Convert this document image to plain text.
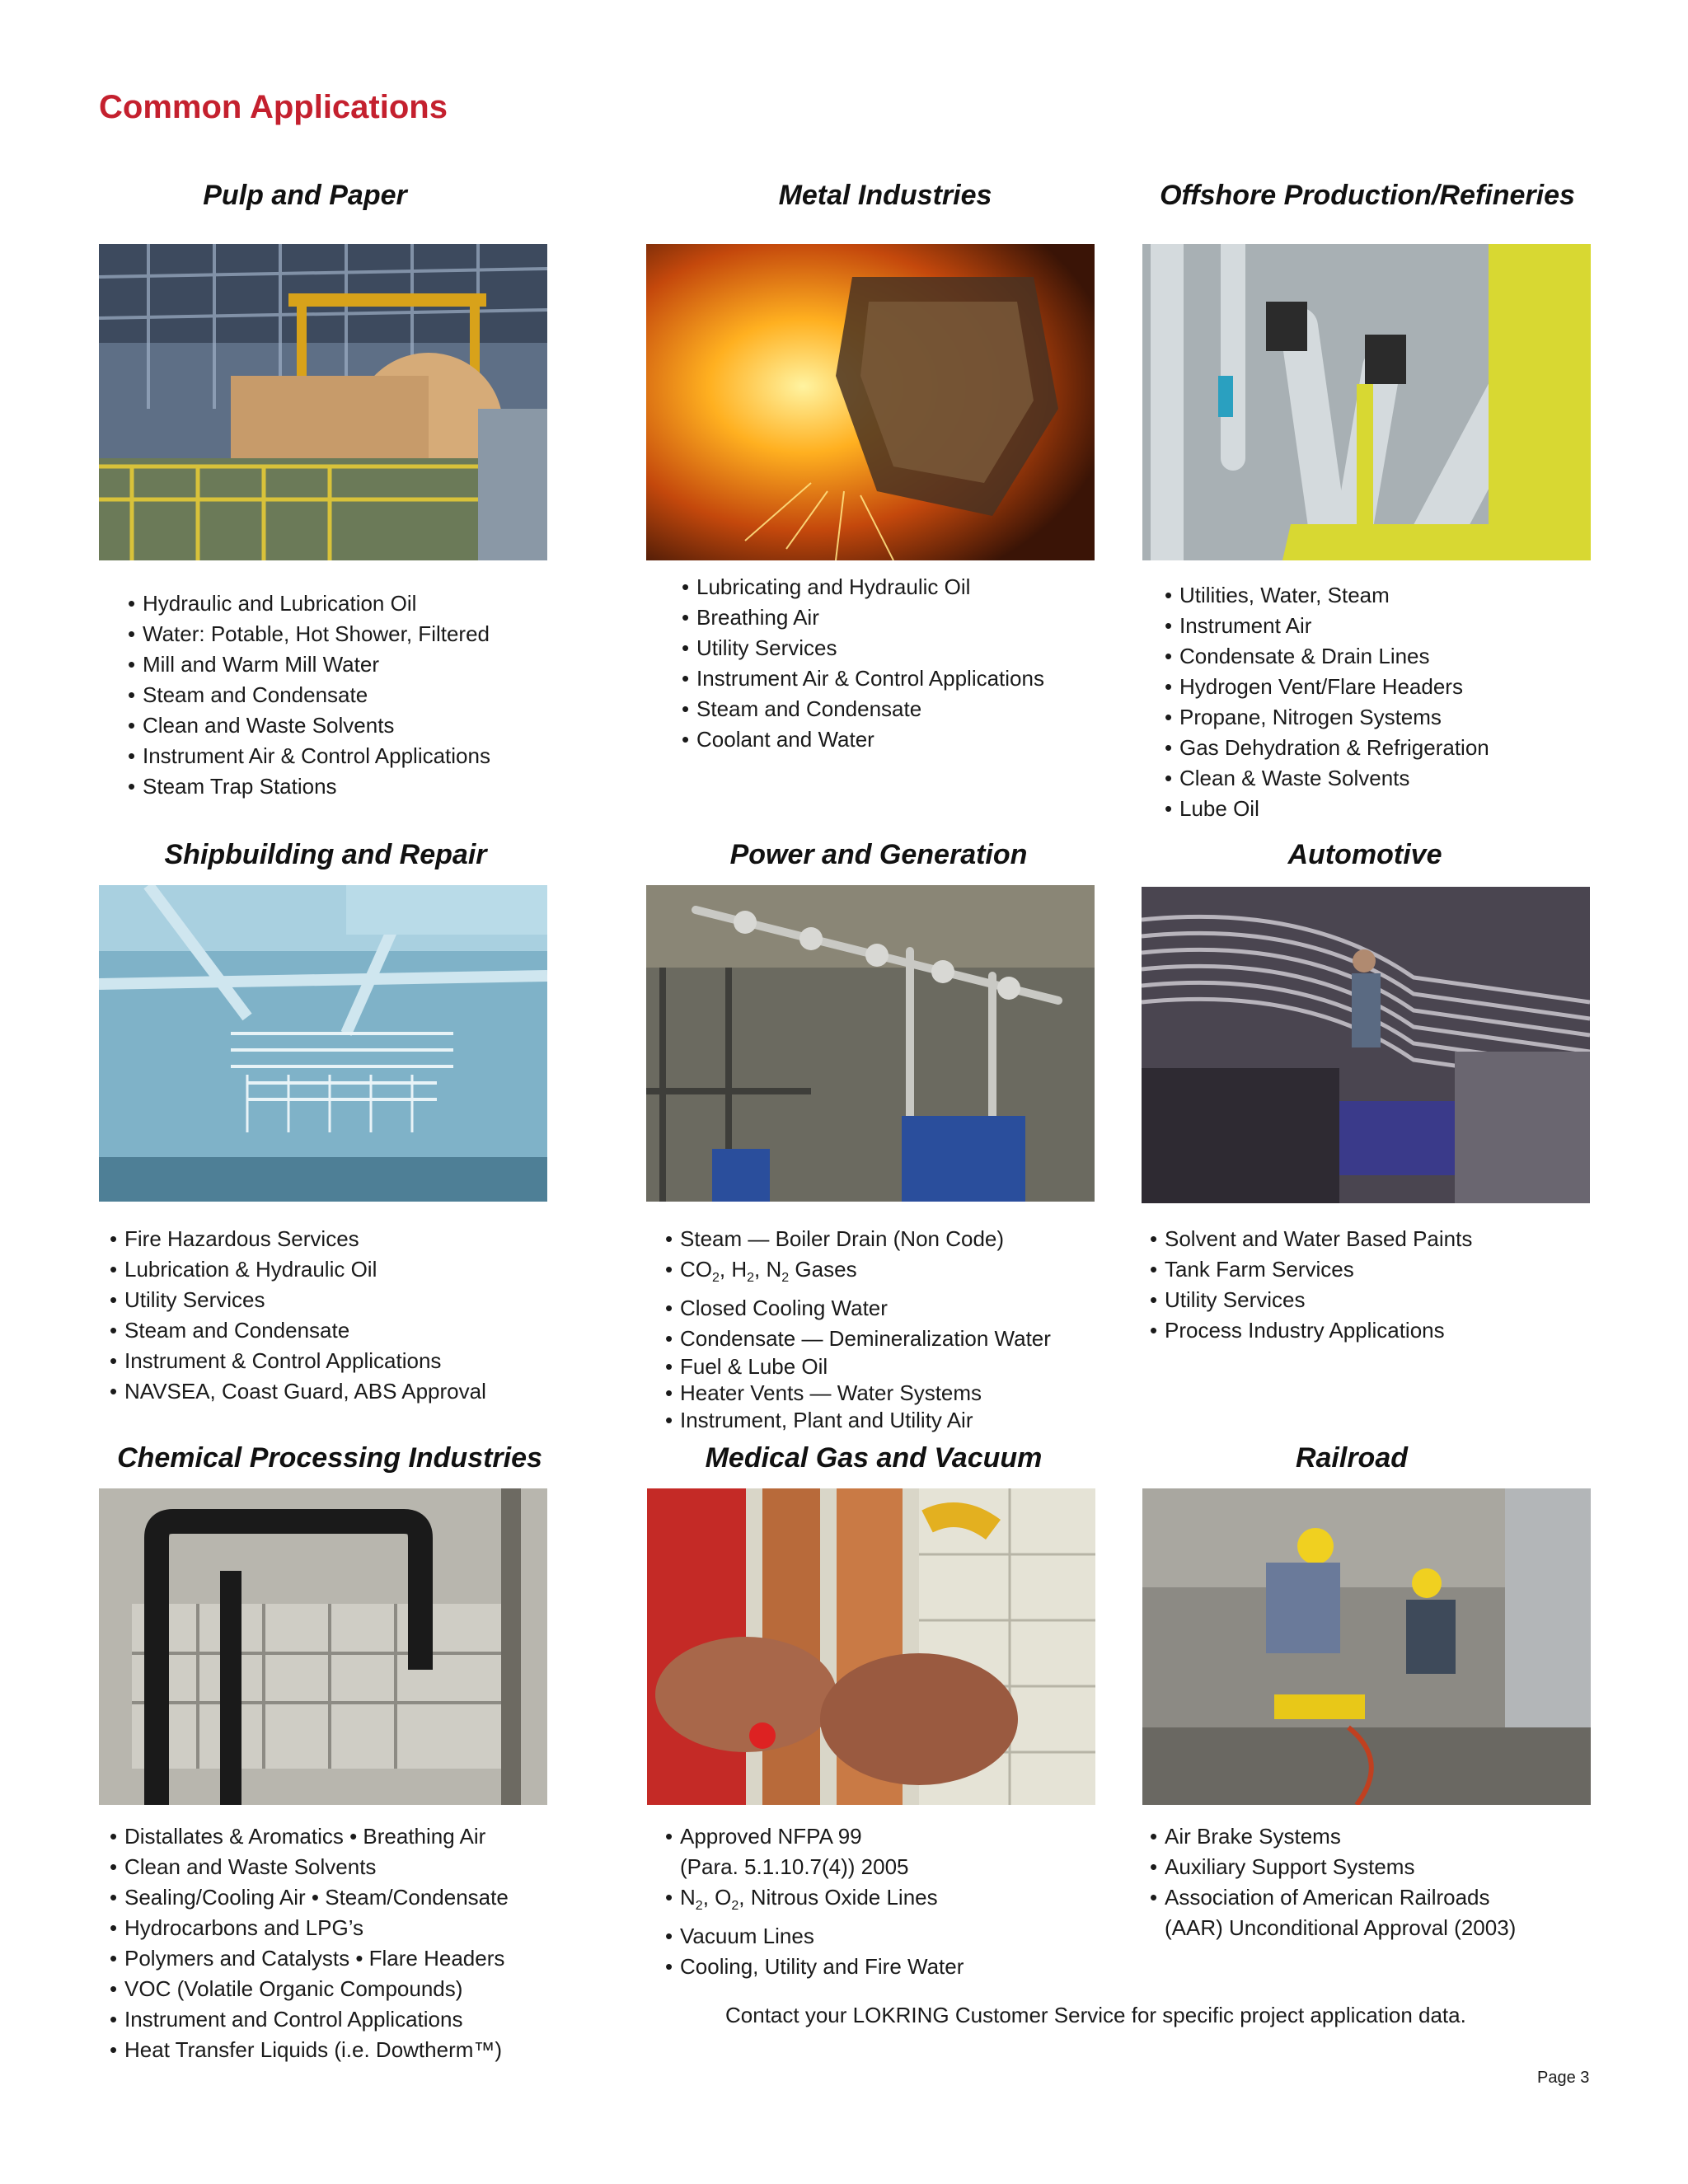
Common Applications
Pulp and Paper	Metal Industries	Offshore Production/Refineries
• Hydraulic and Lubrication Oil
• Water: Potable, Hot Shower, Filtered
• Mill and Warm Mill Water
• Steam and Condensate
• Clean and Waste Solvents
• Instrument Air & Control Applications
• Steam Trap Stations
• Lubricating and Hydraulic Oil
• Breathing Air
• Utility Services
• Instrument Air & Control Applications
• Steam and Condensate
• Coolant and Water
• Utilities, Water, Steam
• Instrument Air
• Condensate & Drain Lines
• Hydrogen Vent/Flare Headers
• Propane, Nitrogen Systems
• Gas Dehydration & Refrigeration
• Clean & Waste Solvents
• Lube Oil
Shipbuilding and Repair	Power and Generation	Automotive
• Fire Hazardous Services
• Lubrication & Hydraulic Oil
• Utility Services
• Steam and Condensate
• Instrument & Control Applications
• NAVSEA, Coast Guard, ABS Approval
• Steam — Boiler Drain (Non Code)
• $CO_2$, $H_2$, $N_2$ Gases
• Closed Cooling Water
• Condensate — Demineralization Water
• Fuel & Lube Oil
• Heater Vents — Water Systems
• Instrument, Plant and Utility Air
• Solvent and Water Based Paints
• Tank Farm Services
• Utility Services
• Process Industry Applications
Chemical Processing Industries	Medical Gas and Vacuum	Railroad
• Distallates & Aromatics • Breathing Air
• Clean and Waste Solvents
• Sealing/Cooling Air • Steam/Condensate
• Hydrocarbons and LPG’s
• Polymers and Catalysts • Flare Headers
• VOC (Volatile Organic Compounds)
• Instrument and Control Applications
• Heat Transfer Liquids (i.e. Dowtherm™)
• Approved NFPA 99
(Para. 5.1.10.7(4)) 2005
• $N_2$, $O_2$, Nitrous Oxide Lines
• Vacuum Lines
• Cooling, Utility and Fire Water
• Air Brake Systems
• Auxiliary Support Systems
• Association of American Railroads
(AAR) Unconditional Approval (2003)
Contact your LOKRING Customer Service for specific project application data.
Page 3
